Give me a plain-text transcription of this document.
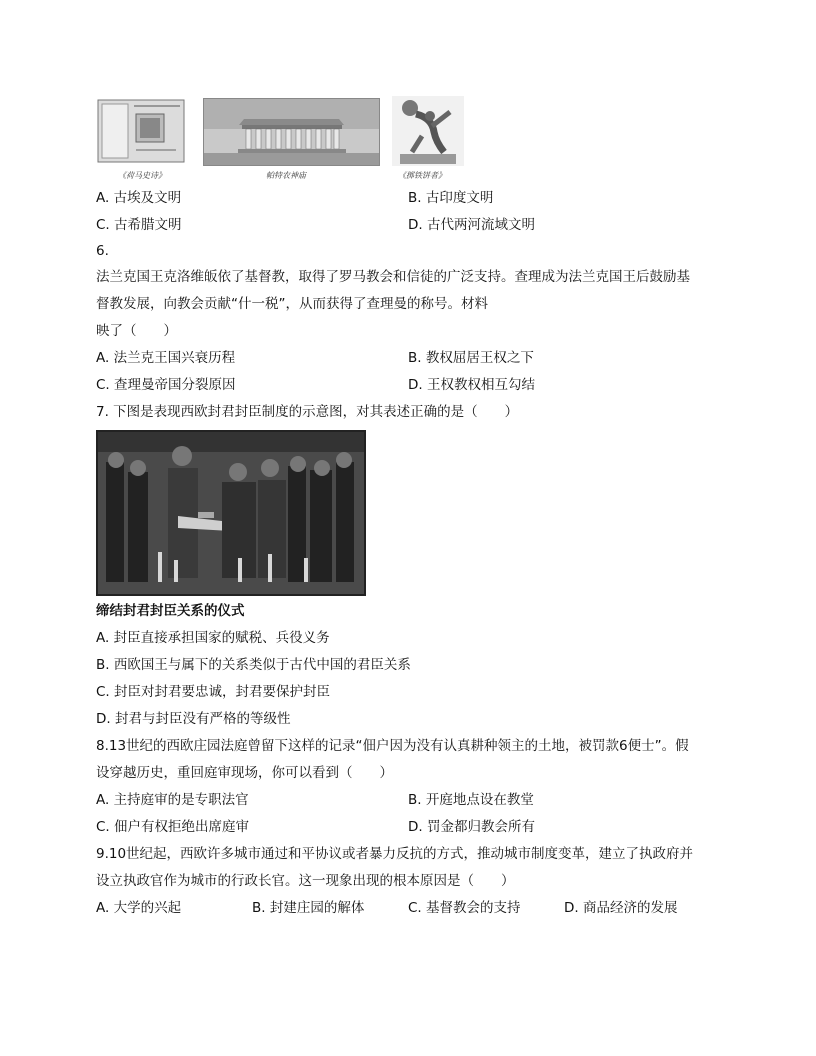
《荷马史诗》	帕特农神庙	《掷铁饼者》
A. 古埃及文明	B. 古印度文明
C. 古希腊文明	D. 古代两河流域文明
6.
法兰克国王克洛维皈依了基督教，取得了罗马教会和信徒的广泛支持。查理成为法兰克国王后鼓励基
督教发展，向教会贡献“什一税”，从而获得了查理曼的称号。材料
映了（　　）
A. 法兰克王国兴衰历程	B. 教权屈居王权之下
C. 查理曼帝国分裂原因	D. 王权教权相互勾结
7. 下图是表现西欧封君封臣制度的示意图，对其表述正确的是（　　）
缔结封君封臣关系的仪式
A. 封臣直接承担国家的赋税、兵役义务
B. 西欧国王与属下的关系类似于古代中国的君臣关系
C. 封臣对封君要忠诚，封君要保护封臣
D. 封君与封臣没有严格的等级性
8.13世纪的西欧庄园法庭曾留下这样的记录“佃户因为没有认真耕种领主的土地，被罚款6便士”。假
设穿越历史，重回庭审现场，你可以看到（　　）
A. 主持庭审的是专职法官	B. 开庭地点设在教堂
C. 佃户有权拒绝出席庭审	D. 罚金都归教会所有
9.10世纪起，西欧许多城市通过和平协议或者暴力反抗的方式，推动城市制度变革，建立了执政府并
设立执政官作为城市的行政长官。这一现象出现的根本原因是（　　）
A. 大学的兴起	B. 封建庄园的解体	C. 基督教会的支持	D. 商品经济的发展
